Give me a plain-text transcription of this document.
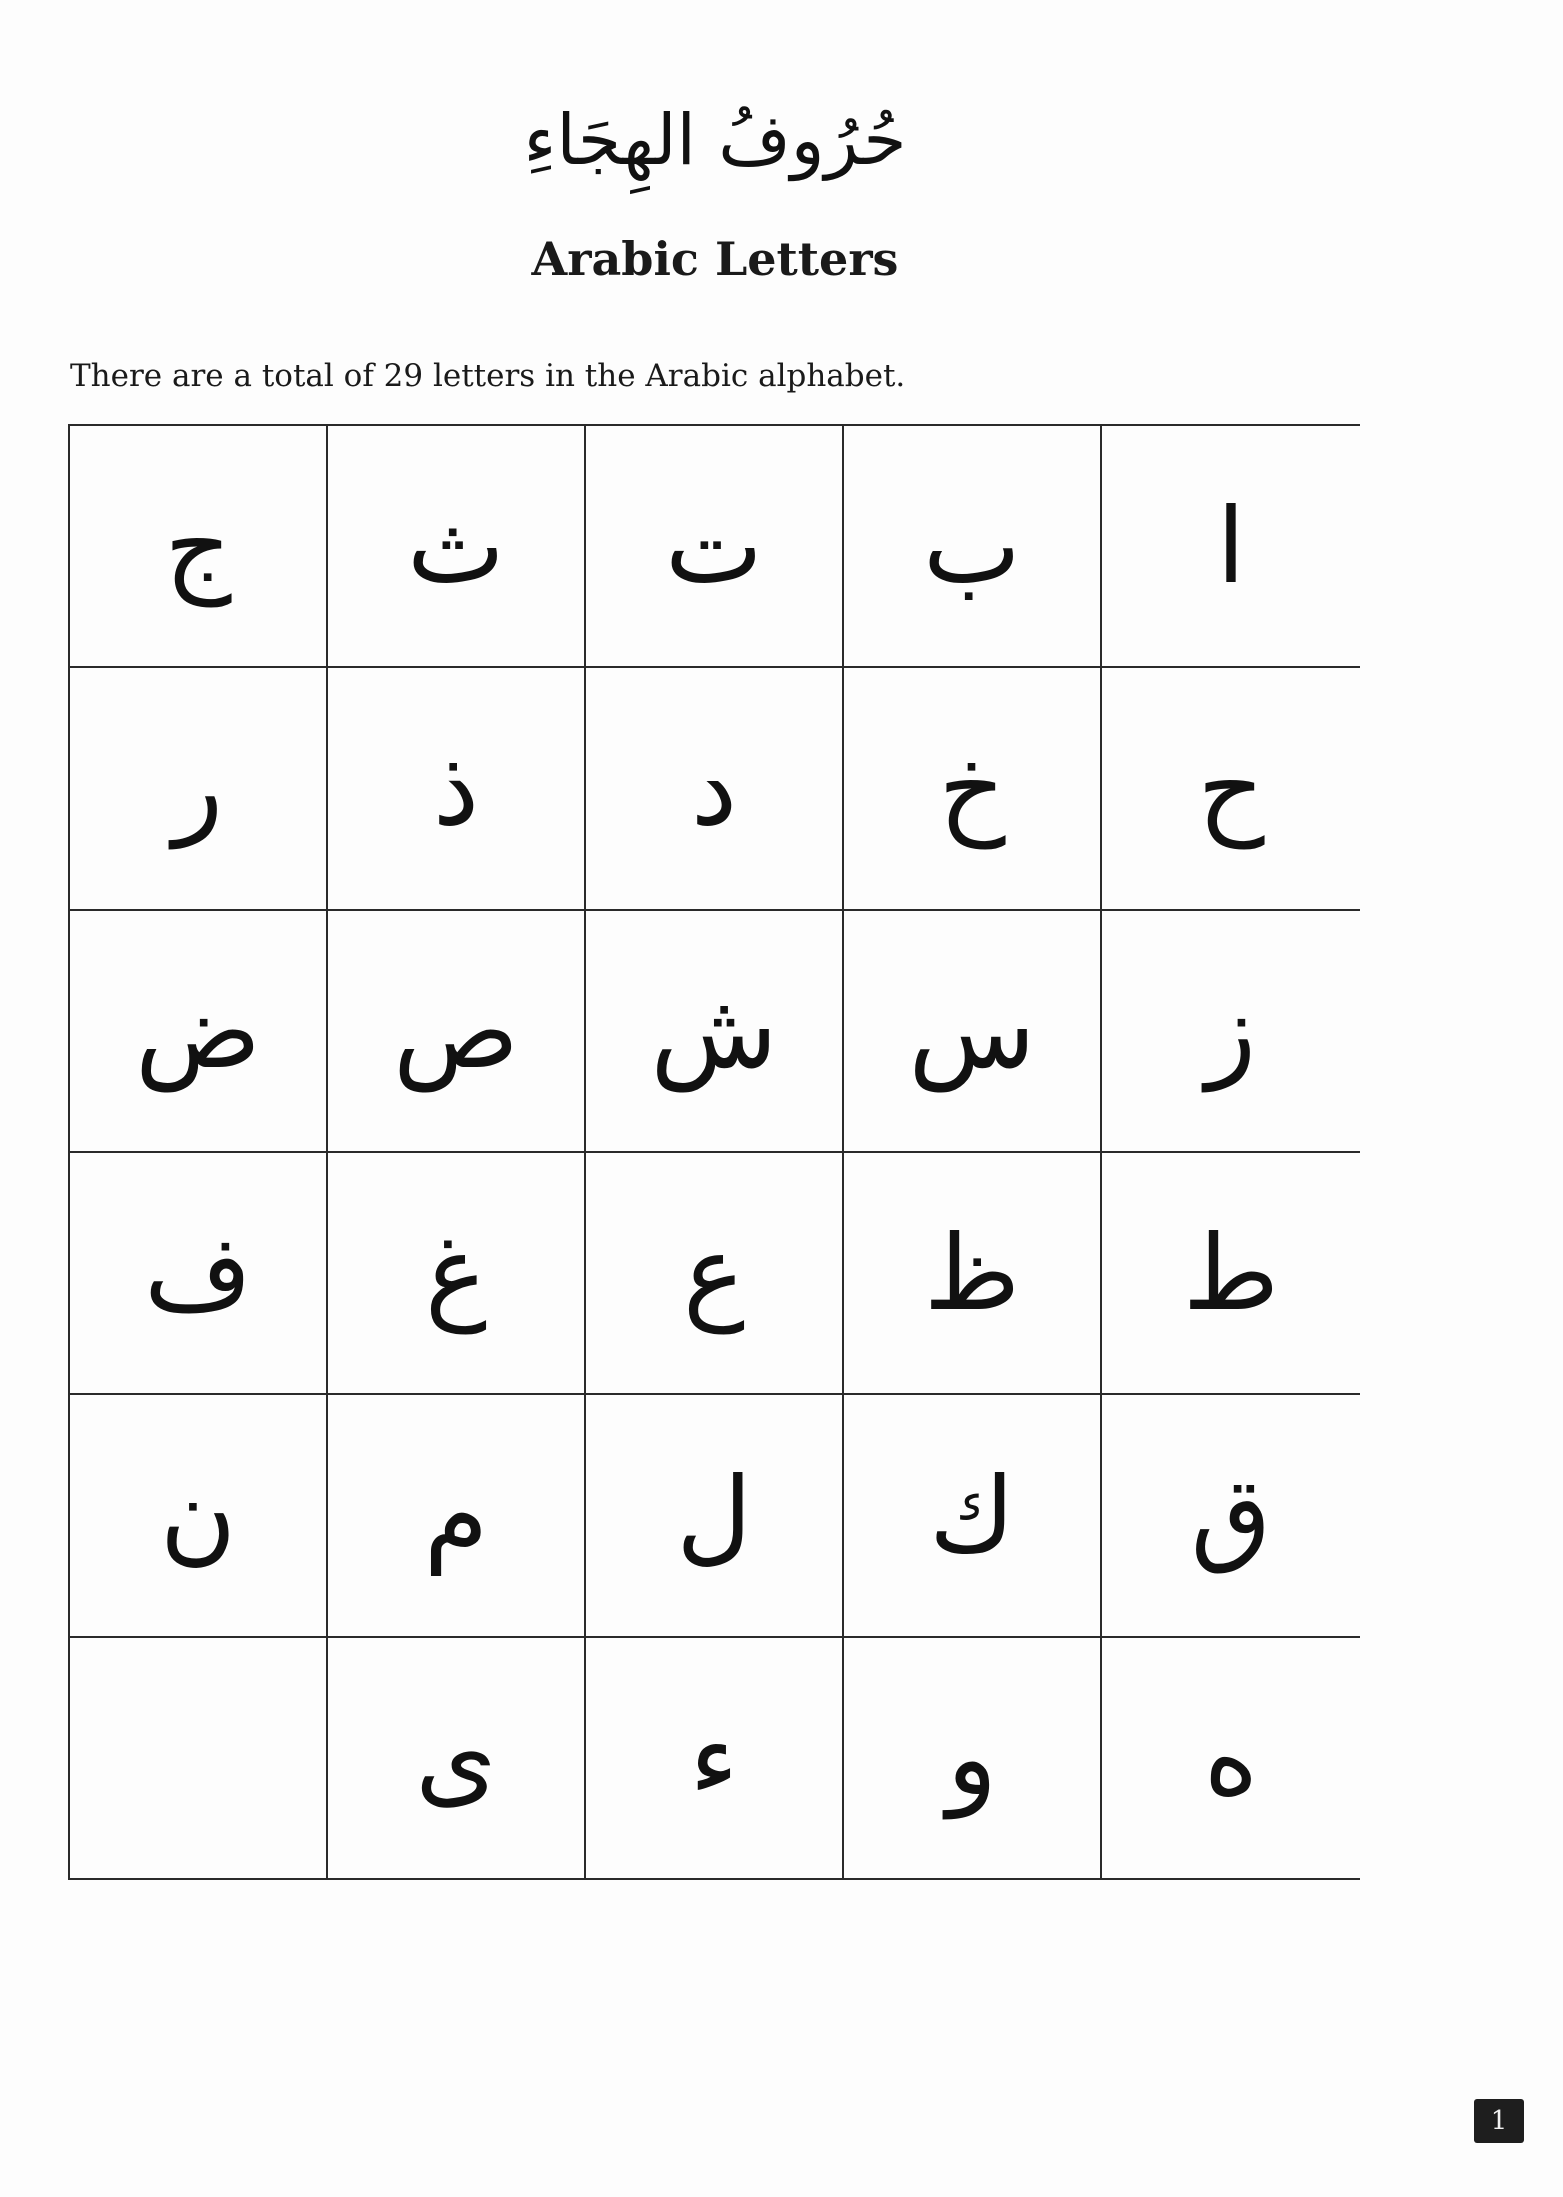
حُرُوفُ الهِجَاءِ
Arabic Letters
There are a total of 29 letters in the Arabic alphabet.
ا
ب
ت
ث
ج
ح
خ
د
ذ
ر
ز
س
ش
ص
ض
ط
ظ
ع
غ
ف
ق
ك
ل
م
ن
ه
و
ء
ى
1
